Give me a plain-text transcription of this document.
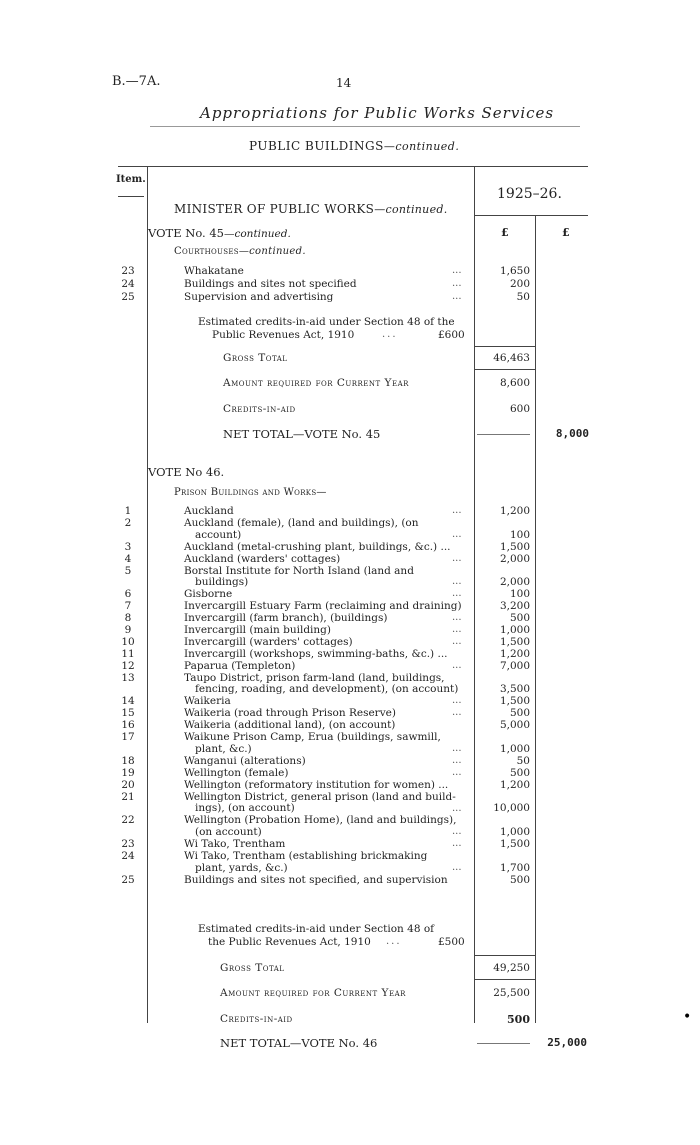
B.—7A.	14
Appropriations for Public Works Services
PUBLIC BUILDINGS—continued.
Item.
1925–26.
MINISTER OF PUBLIC WORKS—continued.
VOTE No. 45—continued.	£	£
Courthouses—continued.
23	Whakatane	1,650
...
24	Buildings and sites not specified	200
...
25	Supervision and advertising	50
...
Estimated credits-in-aid under Section 48 of the
Public Revenues Act, 1910	...	£600
Gross Total	46,463
Amount required for Current Year	8,600
Credits-in-aid	600
NET TOTAL—VOTE No. 45	8,000
VOTE No 46.
Prison Buildings and Works—
1	Auckland	1,200
...
2	Auckland (female), (land and buildings), (on
account)	100
...
3	Auckland (metal-crushing plant, buildings, &c.) ...	1,500
4	Auckland (warders' cottages)	2,000
...
5	Borstal Institute for North Island (land and
buildings)	2,000
...
6	Gisborne	100
...
7	Invercargill Estuary Farm (reclaiming and draining)	3,200
8	Invercargill (farm branch), (buildings)	500
...
9	Invercargill (main building)	1,000
...
10	Invercargill (warders' cottages)	1,500
...
11	Invercargill (workshops, swimming-baths, &c.) ...	1,200
12	Paparua (Templeton)	7,000
...
13	Taupo District, prison farm-land (land, buildings,
fencing, roading, and development), (on account)	3,500
14	Waikeria	1,500
...
15	Waikeria (road through Prison Reserve)	500
...
16	Waikeria (additional land), (on account)	5,000
17	Waikune Prison Camp, Erua (buildings, sawmill,
plant, &c.)	1,000
...
18	Wanganui (alterations)	50
...
19	Wellington (female)	500
...
20	Wellington (reformatory institution for women) ...	1,200
21	Wellington District, general prison (land and build-
ings), (on account)	10,000
...
22	Wellington (Probation Home), (land and buildings),
(on account)	1,000
...
23	Wi Tako, Trentham	1,500
...
24	Wi Tako, Trentham (establishing brickmaking
plant, yards, &c.)	1,700
...
25	Buildings and sites not specified, and supervision	500
Estimated credits-in-aid under Section 48 of
the Public Revenues Act, 1910 ...	£500
Gross Total	49,250
Amount required for Current Year	25,500
Credits-in-aid	500
NET TOTAL—VOTE No. 46	25,000
•
